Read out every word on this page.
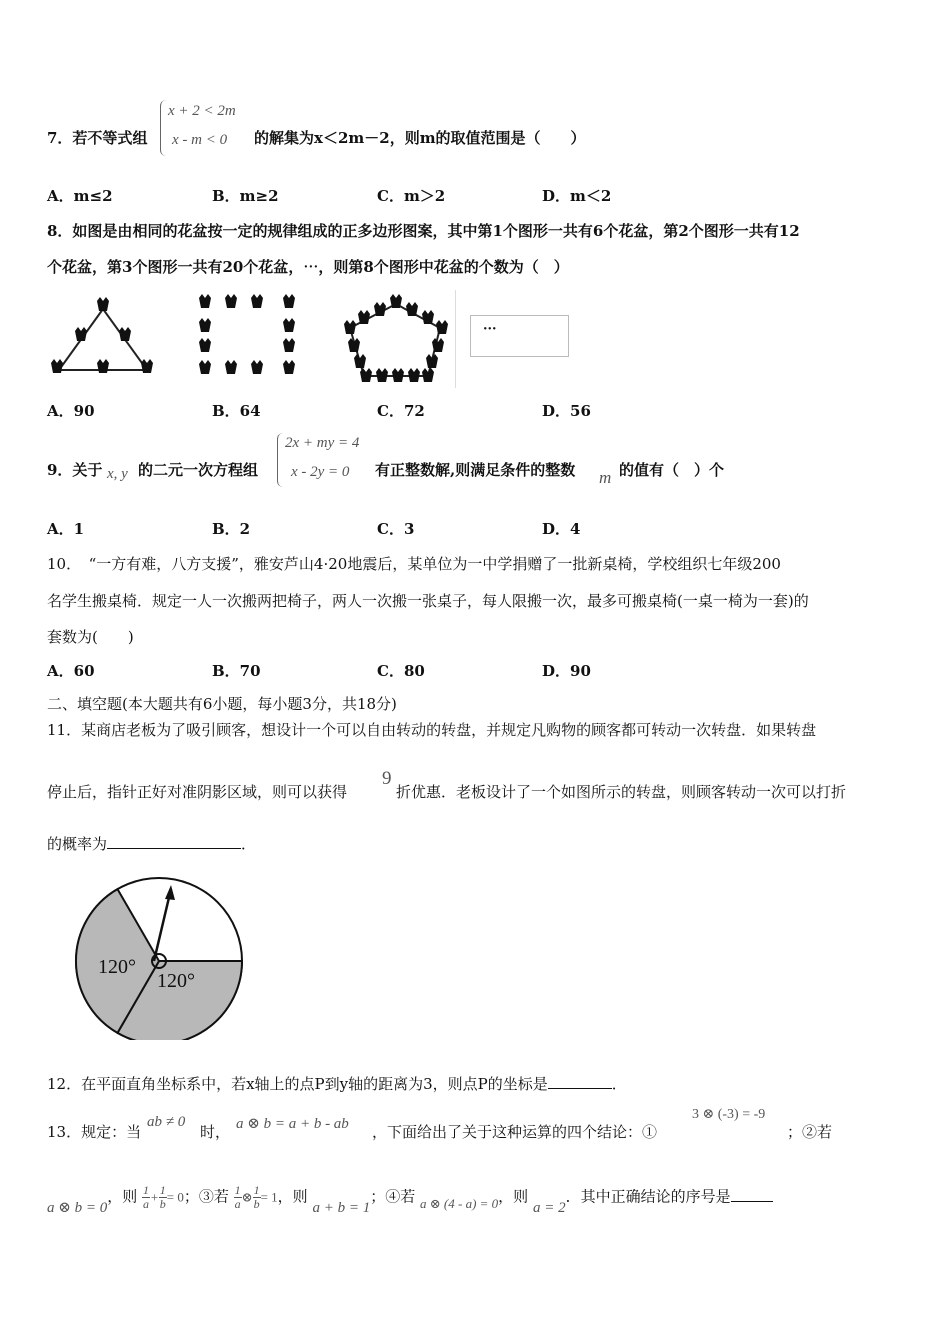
7．若不等式组
x + 2 < 2m
x - m < 0 的解集为x＜2m－2，则m的取值范围是（　　）
A．m≤2	B．m≥2	C．m＞2	D．m＜2
8．如图是由相同的花盆按一定的规律组成的正多边形图案，其中第1个图形一共有6个花盆，第2个图形一共有12
个花盆，第3个图形一共有20个花盆，⋯，则第8个图形中花盆的个数为（　）
···
A．90	B．64	C．72	D．56
9．关于 x, y 的二元一次方程组
2x + my = 4
x - 2y = 0 有正整数解,则满足条件的整数 m 的值有（　）个
A．1	B．2	C．3	D．4
10．　“一方有难，八方支援”，雅安芦山4·20地震后，某单位为一中学捐赠了一批新桌椅，学校组织七年级200
名学生搬桌椅．规定一人一次搬两把椅子，两人一次搬一张桌子，每人限搬一次，最多可搬桌椅(一桌一椅为一套)的
套数为(　　)
A．60	B．70	C．80	D．90
二、填空题(本大题共有6小题，每小题3分，共18分)
11．某商店老板为了吸引顾客，想设计一个可以自由转动的转盘，并规定凡购物的顾客都可转动一次转盘．如果转盘
停止后，指针正好对准阴影区域，则可以获得
9
折优惠．老板设计了一个如图所示的转盘，则顾客转动一次可以打折
的概率为	．
120°
120°
12．在平面直角坐标系中，若x轴上的点P到y轴的距离为3，则点P的坐标是	．
13．规定：当
ab ≠ 0
时， a ⊗ b = a + b - ab ，下面给出了关于这种运算的四个结论：①
3 ⊗ (-3) = -9
；②若
a ⊗ b = 0，则 $\frac{1}{a} + \frac{1}{b} = 0$；③若 $\frac{1}{a}$ ⊗ $\frac{1}{b} = 1$，则 a + b = 1；④若 a ⊗ (4 - a) = 0，则 a = 2．其中正确结论的序号是
